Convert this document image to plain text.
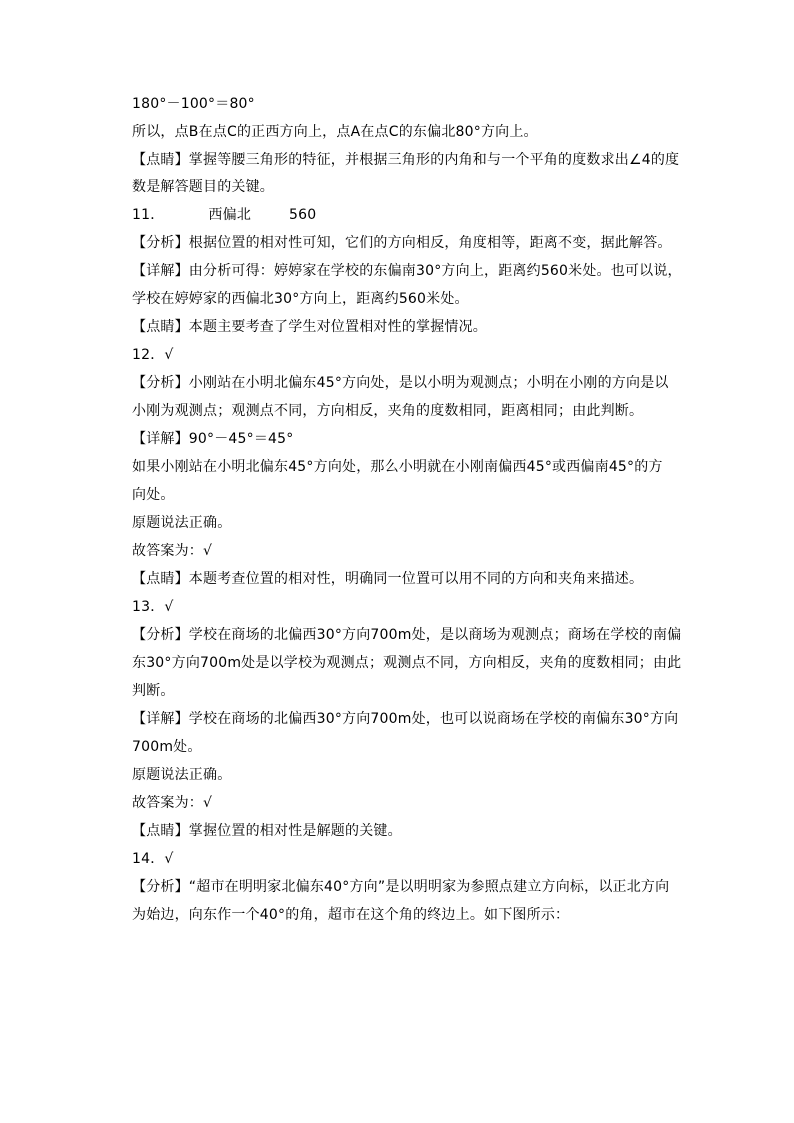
180°－100°＝80°
所以，点B在点C的正西方向上，点A在点C的东偏北80°方向上。
【点睛】掌握等腰三角形的特征，并根据三角形的内角和与一个平角的度数求出∠4的度
数是解答题目的关键。
11．	西偏北	560
【分析】根据位置的相对性可知，它们的方向相反，角度相等，距离不变，据此解答。
【详解】由分析可得：婷婷家在学校的东偏南30°方向上，距离约560米处。也可以说，
学校在婷婷家的西偏北30°方向上，距离约560米处。
【点睛】本题主要考查了学生对位置相对性的掌握情况。
12．√
【分析】小刚站在小明北偏东45°方向处，是以小明为观测点；小明在小刚的方向是以
小刚为观测点；观测点不同，方向相反，夹角的度数相同，距离相同；由此判断。
【详解】90°－45°＝45°
如果小刚站在小明北偏东45°方向处，那么小明就在小刚南偏西45°或西偏南45°的方
向处。
原题说法正确。
故答案为：√
【点睛】本题考查位置的相对性，明确同一位置可以用不同的方向和夹角来描述。
13．√
【分析】学校在商场的北偏西30°方向700m处，是以商场为观测点；商场在学校的南偏
东30°方向700m处是以学校为观测点；观测点不同，方向相反，夹角的度数相同；由此
判断。
【详解】学校在商场的北偏西30°方向700m处，也可以说商场在学校的南偏东30°方向
700m处。
原题说法正确。
故答案为：√
【点睛】掌握位置的相对性是解题的关键。
14．√
【分析】“超市在明明家北偏东40°方向”是以明明家为参照点建立方向标，以正北方向
为始边，向东作一个40°的角，超市在这个角的终边上。如下图所示：
